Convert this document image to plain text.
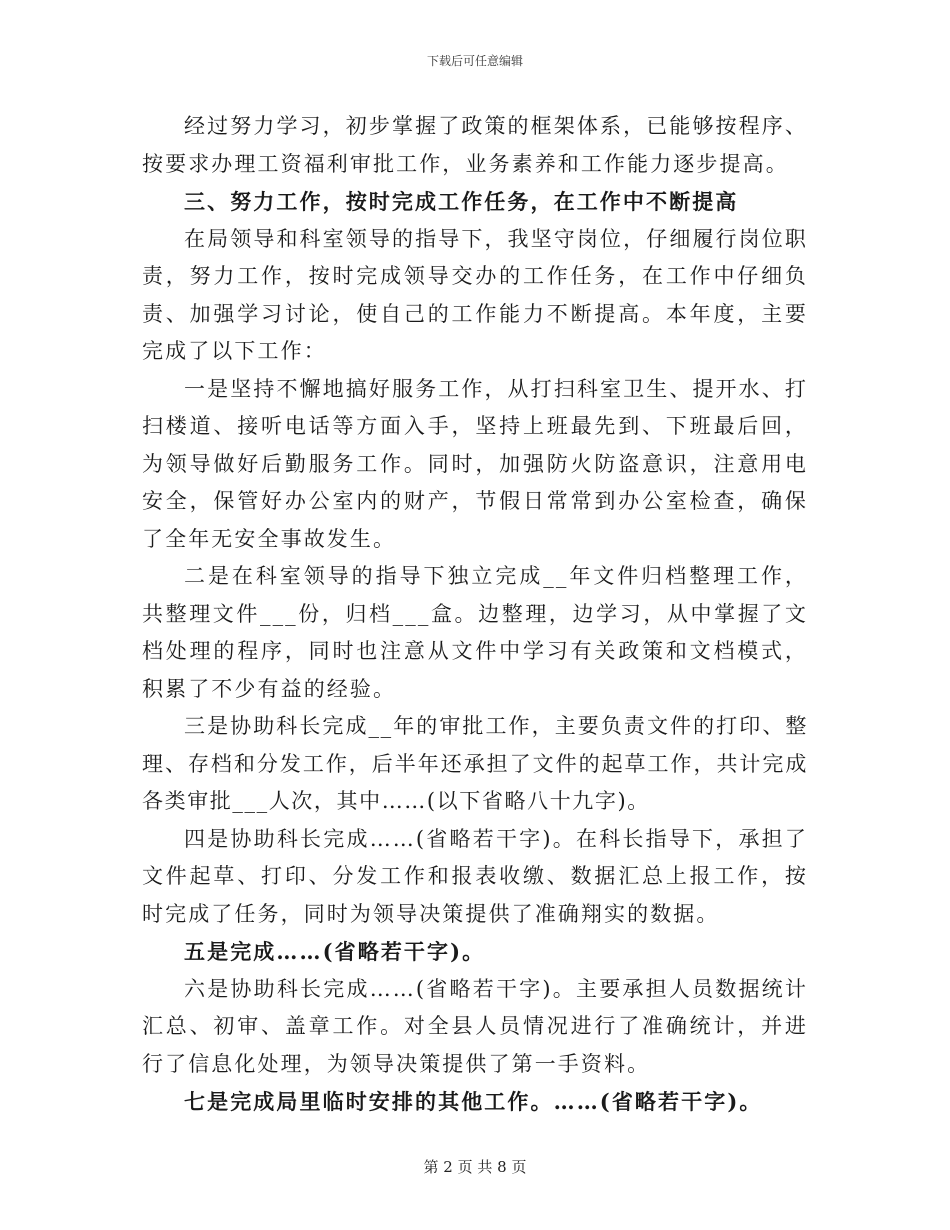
下载后可任意编辑

经过努力学习，初步掌握了政策的框架体系，已能够按程序、按要求办理工资福利审批工作，业务素养和工作能力逐步提高。

三、努力工作，按时完成工作任务，在工作中不断提高

在局领导和科室领导的指导下，我坚守岗位，仔细履行岗位职责，努力工作，按时完成领导交办的工作任务，在工作中仔细负责、加强学习讨论，使自己的工作能力不断提高。本年度，主要完成了以下工作：

一是坚持不懈地搞好服务工作，从打扫科室卫生、提开水、打扫楼道、接听电话等方面入手，坚持上班最先到、下班最后回，为领导做好后勤服务工作。同时，加强防火防盗意识，注意用电安全，保管好办公室内的财产，节假日常常到办公室检查，确保了全年无安全事故发生。

二是在科室领导的指导下独立完成__年文件归档整理工作，共整理文件___份，归档___盒。边整理，边学习，从中掌握了文档处理的程序，同时也注意从文件中学习有关政策和文档模式，积累了不少有益的经验。

三是协助科长完成__年的审批工作，主要负责文件的打印、整理、存档和分发工作，后半年还承担了文件的起草工作，共计完成各类审批___人次，其中……(以下省略八十九字)。

四是协助科长完成……(省略若干字)。在科长指导下，承担了文件起草、打印、分发工作和报表收缴、数据汇总上报工作，按时完成了任务，同时为领导决策提供了准确翔实的数据。

五是完成……(省略若干字)。

六是协助科长完成……(省略若干字)。主要承担人员数据统计汇总、初审、盖章工作。对全县人员情况进行了准确统计，并进行了信息化处理，为领导决策提供了第一手资料。

七是完成局里临时安排的其他工作。……(省略若干字)。

第 2 页 共 8 页
